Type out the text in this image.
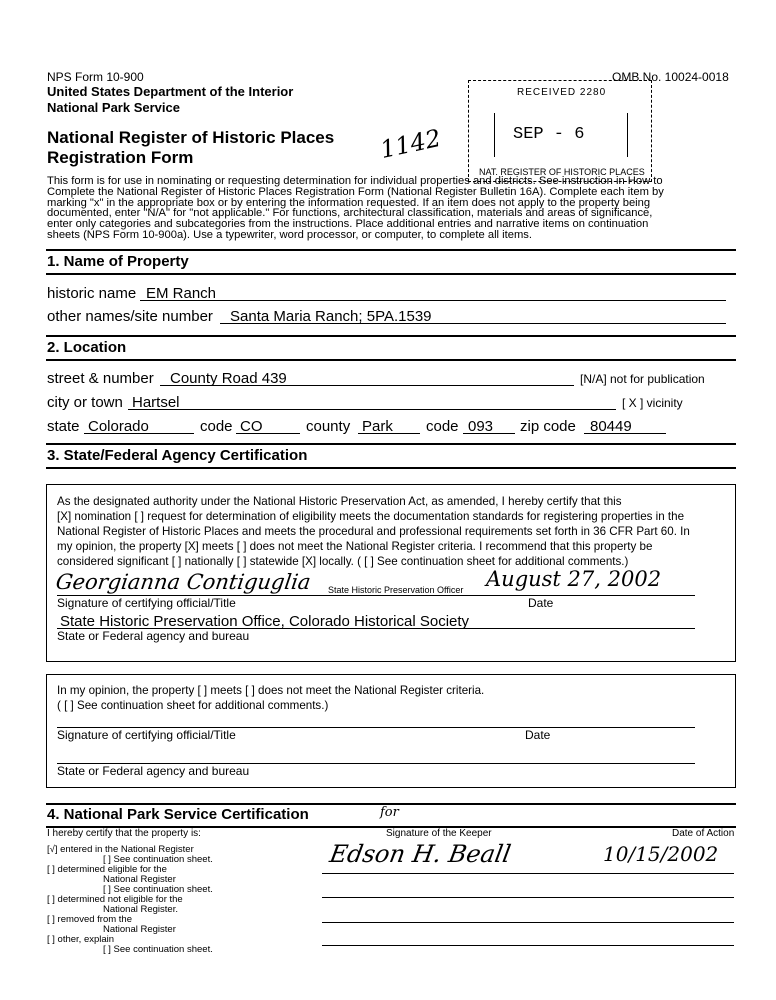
NPS Form 10-900
United States Department of the Interior
National Park Service
OMB No. 10024-0018
National Register of Historic Places
Registration Form	1142
RECEIVED 2280
SEP - 6
NAT. REGISTER OF HISTORIC PLACES
This form is for use in nominating or requesting determination for individual properties and districts. See instruction in How to
Complete the National Register of Historic Places Registration Form (National Register Bulletin 16A). Complete each item by
marking "x" in the appropriate box or by entering the information requested. If an item does not apply to the property being
documented, enter "N/A" for "not applicable." For functions, architectural classification, materials and areas of significance,
enter only categories and subcategories from the instructions. Place additional entries and narrative items on continuation
sheets (NPS Form 10-900a). Use a typewriter, word processor, or computer, to complete all items.
1. Name of Property
historic name EM Ranch
other names/site number Santa Maria Ranch; 5PA.1539
2. Location
street & number County Road 439	[N/A] not for publication
city or town Hartsel	[ X ] vicinity
state Colorado	code CO	county Park code 093 zip code 80449
3. State/Federal Agency Certification
As the designated authority under the National Historic Preservation Act, as amended, I hereby certify that this
[X] nomination [ ] request for determination of eligibility meets the documentation standards for registering properties in the
National Register of Historic Places and meets the procedural and professional requirements set forth in 36 CFR Part 60. In
my opinion, the property [X] meets [ ] does not meet the National Register criteria. I recommend that this property be
considered significant [ ] nationally [ ] statewide [X] locally. ( [ ] See continuation sheet for additional comments.)
Georgianna Contiguglia State Historic Preservation Officer August 27, 2002
Signature of certifying official/Title	Date
State Historic Preservation Office, Colorado Historical Society
State or Federal agency and bureau
In my opinion, the property [ ] meets [ ] does not meet the National Register criteria.
( [ ] See continuation sheet for additional comments.)
Signature of certifying official/Title	Date
State or Federal agency and bureau
4. National Park Service Certification
I hereby certify that the property is:	Signature of the Keeper	Date of Action
for
Edson H. Beall	10/15/2002
[√] entered in the National Register
[ ] See continuation sheet.
[ ] determined eligible for the
National Register
[ ] See continuation sheet.
[ ] determined not eligible for the
National Register.
[ ] removed from the
National Register
[ ] other, explain
[ ] See continuation sheet.
